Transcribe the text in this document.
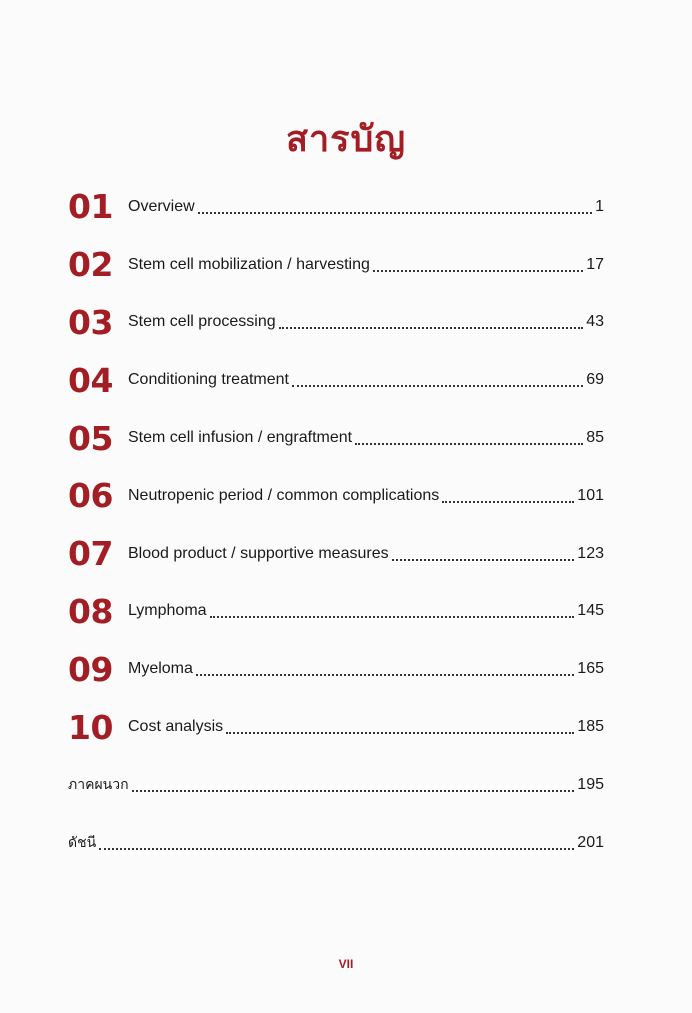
สารบัญ
01 Overview	1
02 Stem cell mobilization / harvesting	17
03 Stem cell processing	43
04 Conditioning treatment	69
05 Stem cell infusion / engraftment	85
06 Neutropenic period / common complications	101
07 Blood product / supportive measures	123
08 Lymphoma	145
09 Myeloma	165
10 Cost analysis	185
ภาคผนวก	195
ดัชนี	201
VII
